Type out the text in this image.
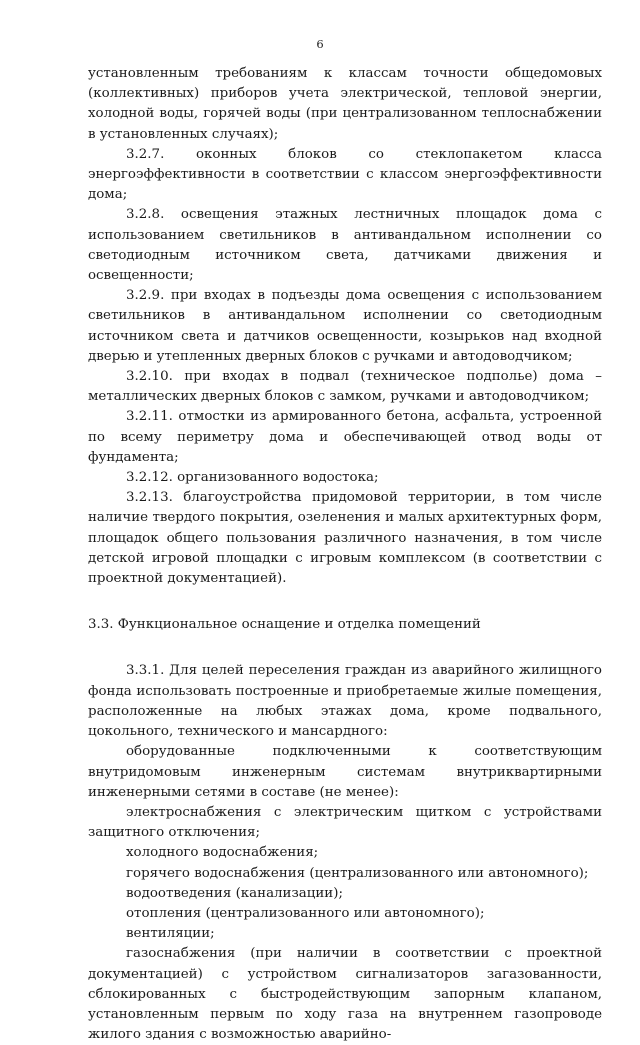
6

установленным требованиям к классам точности общедомовых (коллективных) приборов учета электрической, тепловой энергии, холодной воды, горячей воды (при централизованном теплоснабжении в установленных случаях);

3.2.7. оконных блоков со стеклопакетом класса энергоэффективности в соответствии с классом энергоэффективности дома;

3.2.8. освещения этажных лестничных площадок дома с использованием светильников в антивандальном исполнении со светодиодным источником света, датчиками движения и освещенности;

3.2.9. при входах в подъезды дома освещения с использованием светильников в антивандальном исполнении со светодиодным источником света и датчиков освещенности, козырьков над входной дверью и утепленных дверных блоков с ручками и автодоводчиком;

3.2.10. при входах в подвал (техническое подполье) дома – металлических дверных блоков с замком, ручками и автодоводчиком;

3.2.11. отмостки из армированного бетона, асфальта, устроенной по всему периметру дома и обеспечивающей отвод воды от фундамента;

3.2.12. организованного водостока;

3.2.13. благоустройства придомовой территории, в том числе наличие твердого покрытия, озеленения и малых архитектурных форм, площадок общего пользования различного назначения, в том числе детской игровой площадки с игровым комплексом (в соответствии с проектной документацией).

3.3. Функциональное оснащение и отделка помещений

3.3.1. Для целей переселения граждан из аварийного жилищного фонда использовать построенные и приобретаемые жилые помещения, расположенные на любых этажах дома, кроме подвального, цокольного, технического и мансардного:

оборудованные подключенными к соответствующим внутридомовым инженерным системам внутриквартирными инженерными сетями в составе (не менее):

электроснабжения с электрическим щитком с устройствами защитного отключения;

холодного водоснабжения;

горячего водоснабжения (централизованного или автономного);

водоотведения (канализации);

отопления (централизованного или автономного);

вентиляции;

газоснабжения (при наличии в соответствии с проектной документацией) с устройством сигнализаторов загазованности, сблокированных с быстродействующим запорным клапаном, установленным первым по ходу газа на внутреннем газопроводе жилого здания с возможностью аварийно-
